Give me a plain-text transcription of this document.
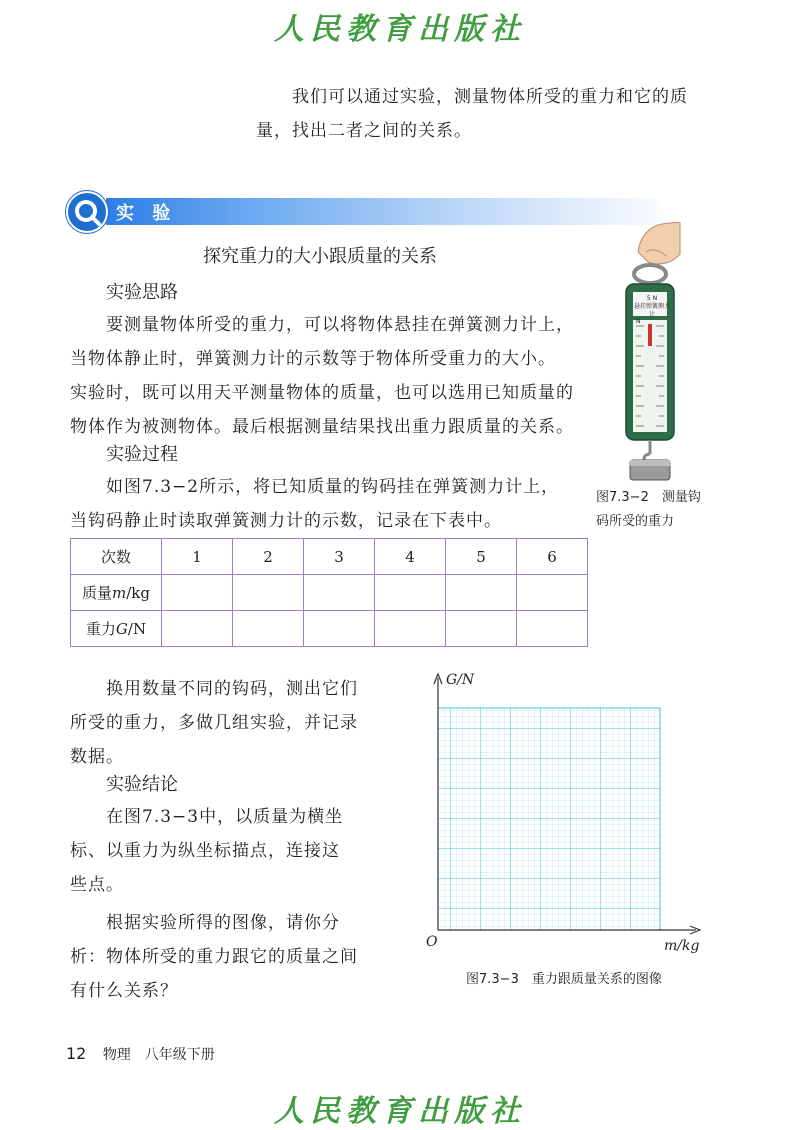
人民教育出版社
我们可以通过实验，测量物体所受的重力和它的质
量，找出二者之间的关系。
实 验
探究重力的大小跟质量的关系
实验思路
要测量物体所受的重力，可以将物体悬挂在弹簧测力计上，
当物体静止时，弹簧测力计的示数等于物体所受重力的大小。
实验时，既可以用天平测量物体的质量，也可以选用已知质量的
物体作为被测物体。最后根据测量结果找出重力跟质量的关系。
实验过程
如图7.3−2所示，将已知质量的钩码挂在弹簧测力计上，
当钩码静止时读取弹簧测力计的示数，记录在下表中。
次数	1	2	3	4	5	6
质量m/kg						
重力G/N						
换用数量不同的钩码，测出它们
所受的重力，多做几组实验，并记录
数据。
实验结论
在图7.3−3中，以质量为横坐
标、以重力为纵坐标描点，连接这
些点。
根据实验所得的图像，请你分
析：物体所受的重力跟它的质量之间
有什么关系？
5 N
悬挂弹簧测力计
N
图7.3−2　测量钩
码所受的重力
G/N
m/kg
O
图7.3−3　重力跟质量关系的图像
12 物理　八年级下册
人民教育出版社
